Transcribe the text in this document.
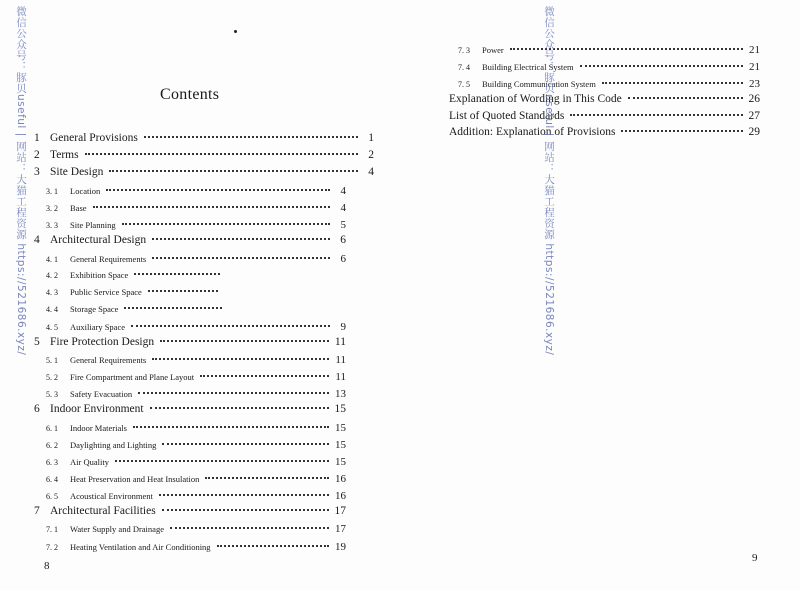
Contents
1 General Provisions	1
2 Terms	2
3 Site Design	4
3. 1	Location	4
3. 2	Base	4
3. 3	Site Planning	5
4 Architectural Design	6
4. 1	General Requirements	6
4. 2	Exhibition Space
4. 3	Public Service Space
4. 4	Storage Space
4. 5	Auxiliary Space	9
5 Fire Protection Design	11
5. 1	General Requirements	11
5. 2	Fire Compartment and Plane Layout	11
5. 3	Safety Evacuation	13
6 Indoor Environment	15
6. 1	Indoor Materials	15
6. 2	Daylighting and Lighting	15
6. 3	Air Quality	15
6. 4	Heat Preservation and Heat Insulation	16
6. 5	Acoustical Environment	16
7 Architectural Facilities	17
7. 1	Water Supply and Drainage	17
7. 2	Heating Ventilation and Air Conditioning	19
8
微信公众号：豚贝useful | 网站：大猫工程资源 https://521686.xyz/	7. 3	Power	21
7. 4	Building Electrical System	21
7. 5	Building Communication System	23
Explanation of Wording in This Code	26
List of Quoted Standards	27
Addition: Explanation of Provisions	29
9
微信公众号：豚贝useful | 网站：大猫工程资源 https://521686.xyz/
